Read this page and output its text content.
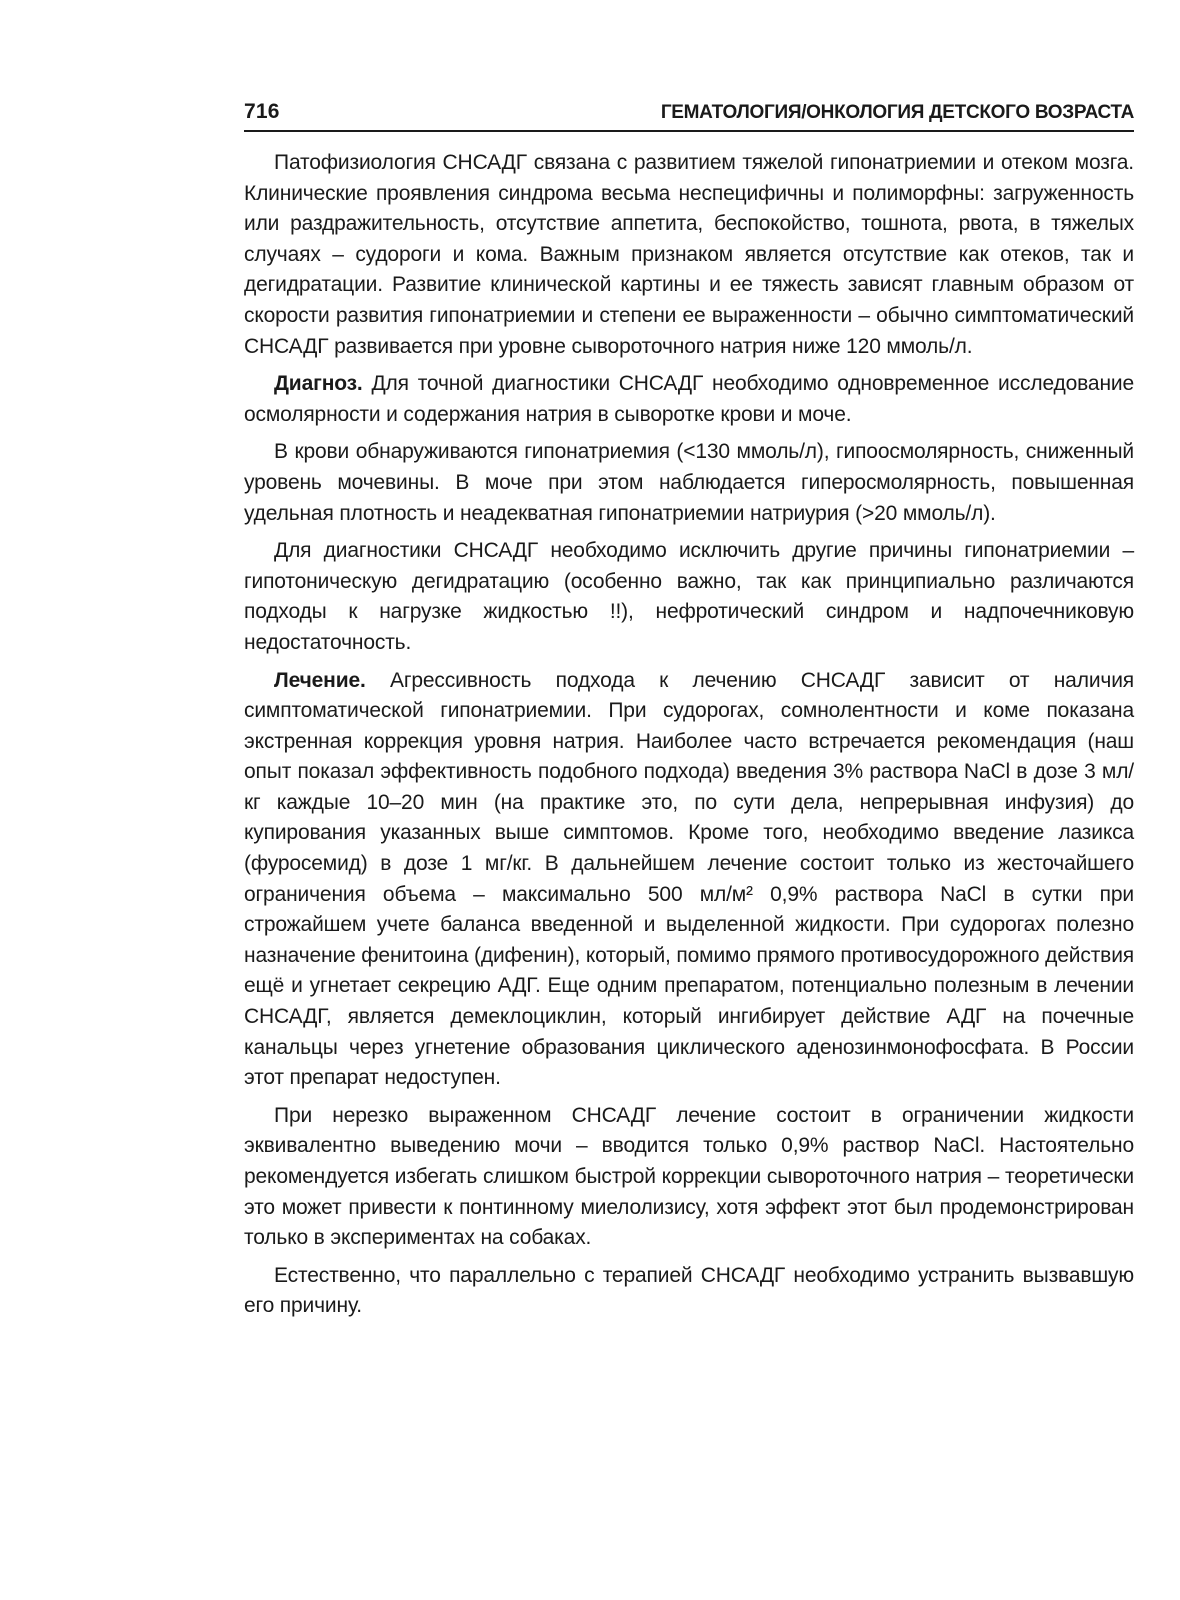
716	ГЕМАТОЛОГИЯ/ОНКОЛОГИЯ ДЕТСКОГО ВОЗРАСТА

Патофизиология СНСАДГ связана с развитием тяжелой гипонатриемии и отеком мозга. Клинические проявления синдрома весьма неспецифичны и полиморфны: загруженность или раздражительность, отсутствие аппетита, беспокойство, тошнота, рвота, в тяжелых случаях – судороги и кома. Важным признаком является отсутствие как отеков, так и дегидратации. Развитие клинической картины и ее тяжесть зависят главным образом от скорости развития гипонатриемии и степени ее выраженности – обычно симптоматический СНСАДГ развивается при уровне сывороточного натрия ниже 120 ммоль/л.

Диагноз. Для точной диагностики СНСАДГ необходимо одновременное исследование осмолярности и содержания натрия в сыворотке крови и моче.

В крови обнаруживаются гипонатриемия (<130 ммоль/л), гипоосмолярность, сниженный уровень мочевины. В моче при этом наблюдается гиперосмолярность, повышенная удельная плотность и неадекватная гипонатриемии натриурия (>20 ммоль/л).

Для диагностики СНСАДГ необходимо исключить другие причины гипонатриемии – гипотоническую дегидратацию (особенно важно, так как принципиально различаются подходы к нагрузке жидкостью !!), нефротический синдром и надпочечниковую недостаточность.

Лечение. Агрессивность подхода к лечению СНСАДГ зависит от наличия симптоматической гипонатриемии. При судорогах, сомнолентности и коме показана экстренная коррекция уровня натрия. Наиболее часто встречается рекомендация (наш опыт показал эффективность подобного подхода) введения 3% раствора NaCl в дозе 3 мл/кг каждые 10–20 мин (на практике это, по сути дела, непрерывная инфузия) до купирования указанных выше симптомов. Кроме того, необходимо введение лазикса (фуросемид) в дозе 1 мг/кг. В дальнейшем лечение состоит только из жесточайшего ограничения объема – максимально 500 мл/м² 0,9% раствора NaCl в сутки при строжайшем учете баланса введенной и выделенной жидкости. При судорогах полезно назначение фенитоина (дифенин), который, помимо прямого противосудорожного действия ещё и угнетает секрецию АДГ. Еще одним препаратом, потенциально полезным в лечении СНСАДГ, является демеклоциклин, который ингибирует действие АДГ на почечные канальцы через угнетение образования циклического аденозинмонофосфата. В России этот препарат недоступен.

При нерезко выраженном СНСАДГ лечение состоит в ограничении жидкости эквивалентно выведению мочи – вводится только 0,9% раствор NaCl. Настоятельно рекомендуется избегать слишком быстрой коррекции сывороточного натрия – теоретически это может привести к понтинному миелолизису, хотя эффект этот был продемонстрирован только в экспериментах на собаках.

Естественно, что параллельно с терапией СНСАДГ необходимо устранить вызвавшую его причину.
